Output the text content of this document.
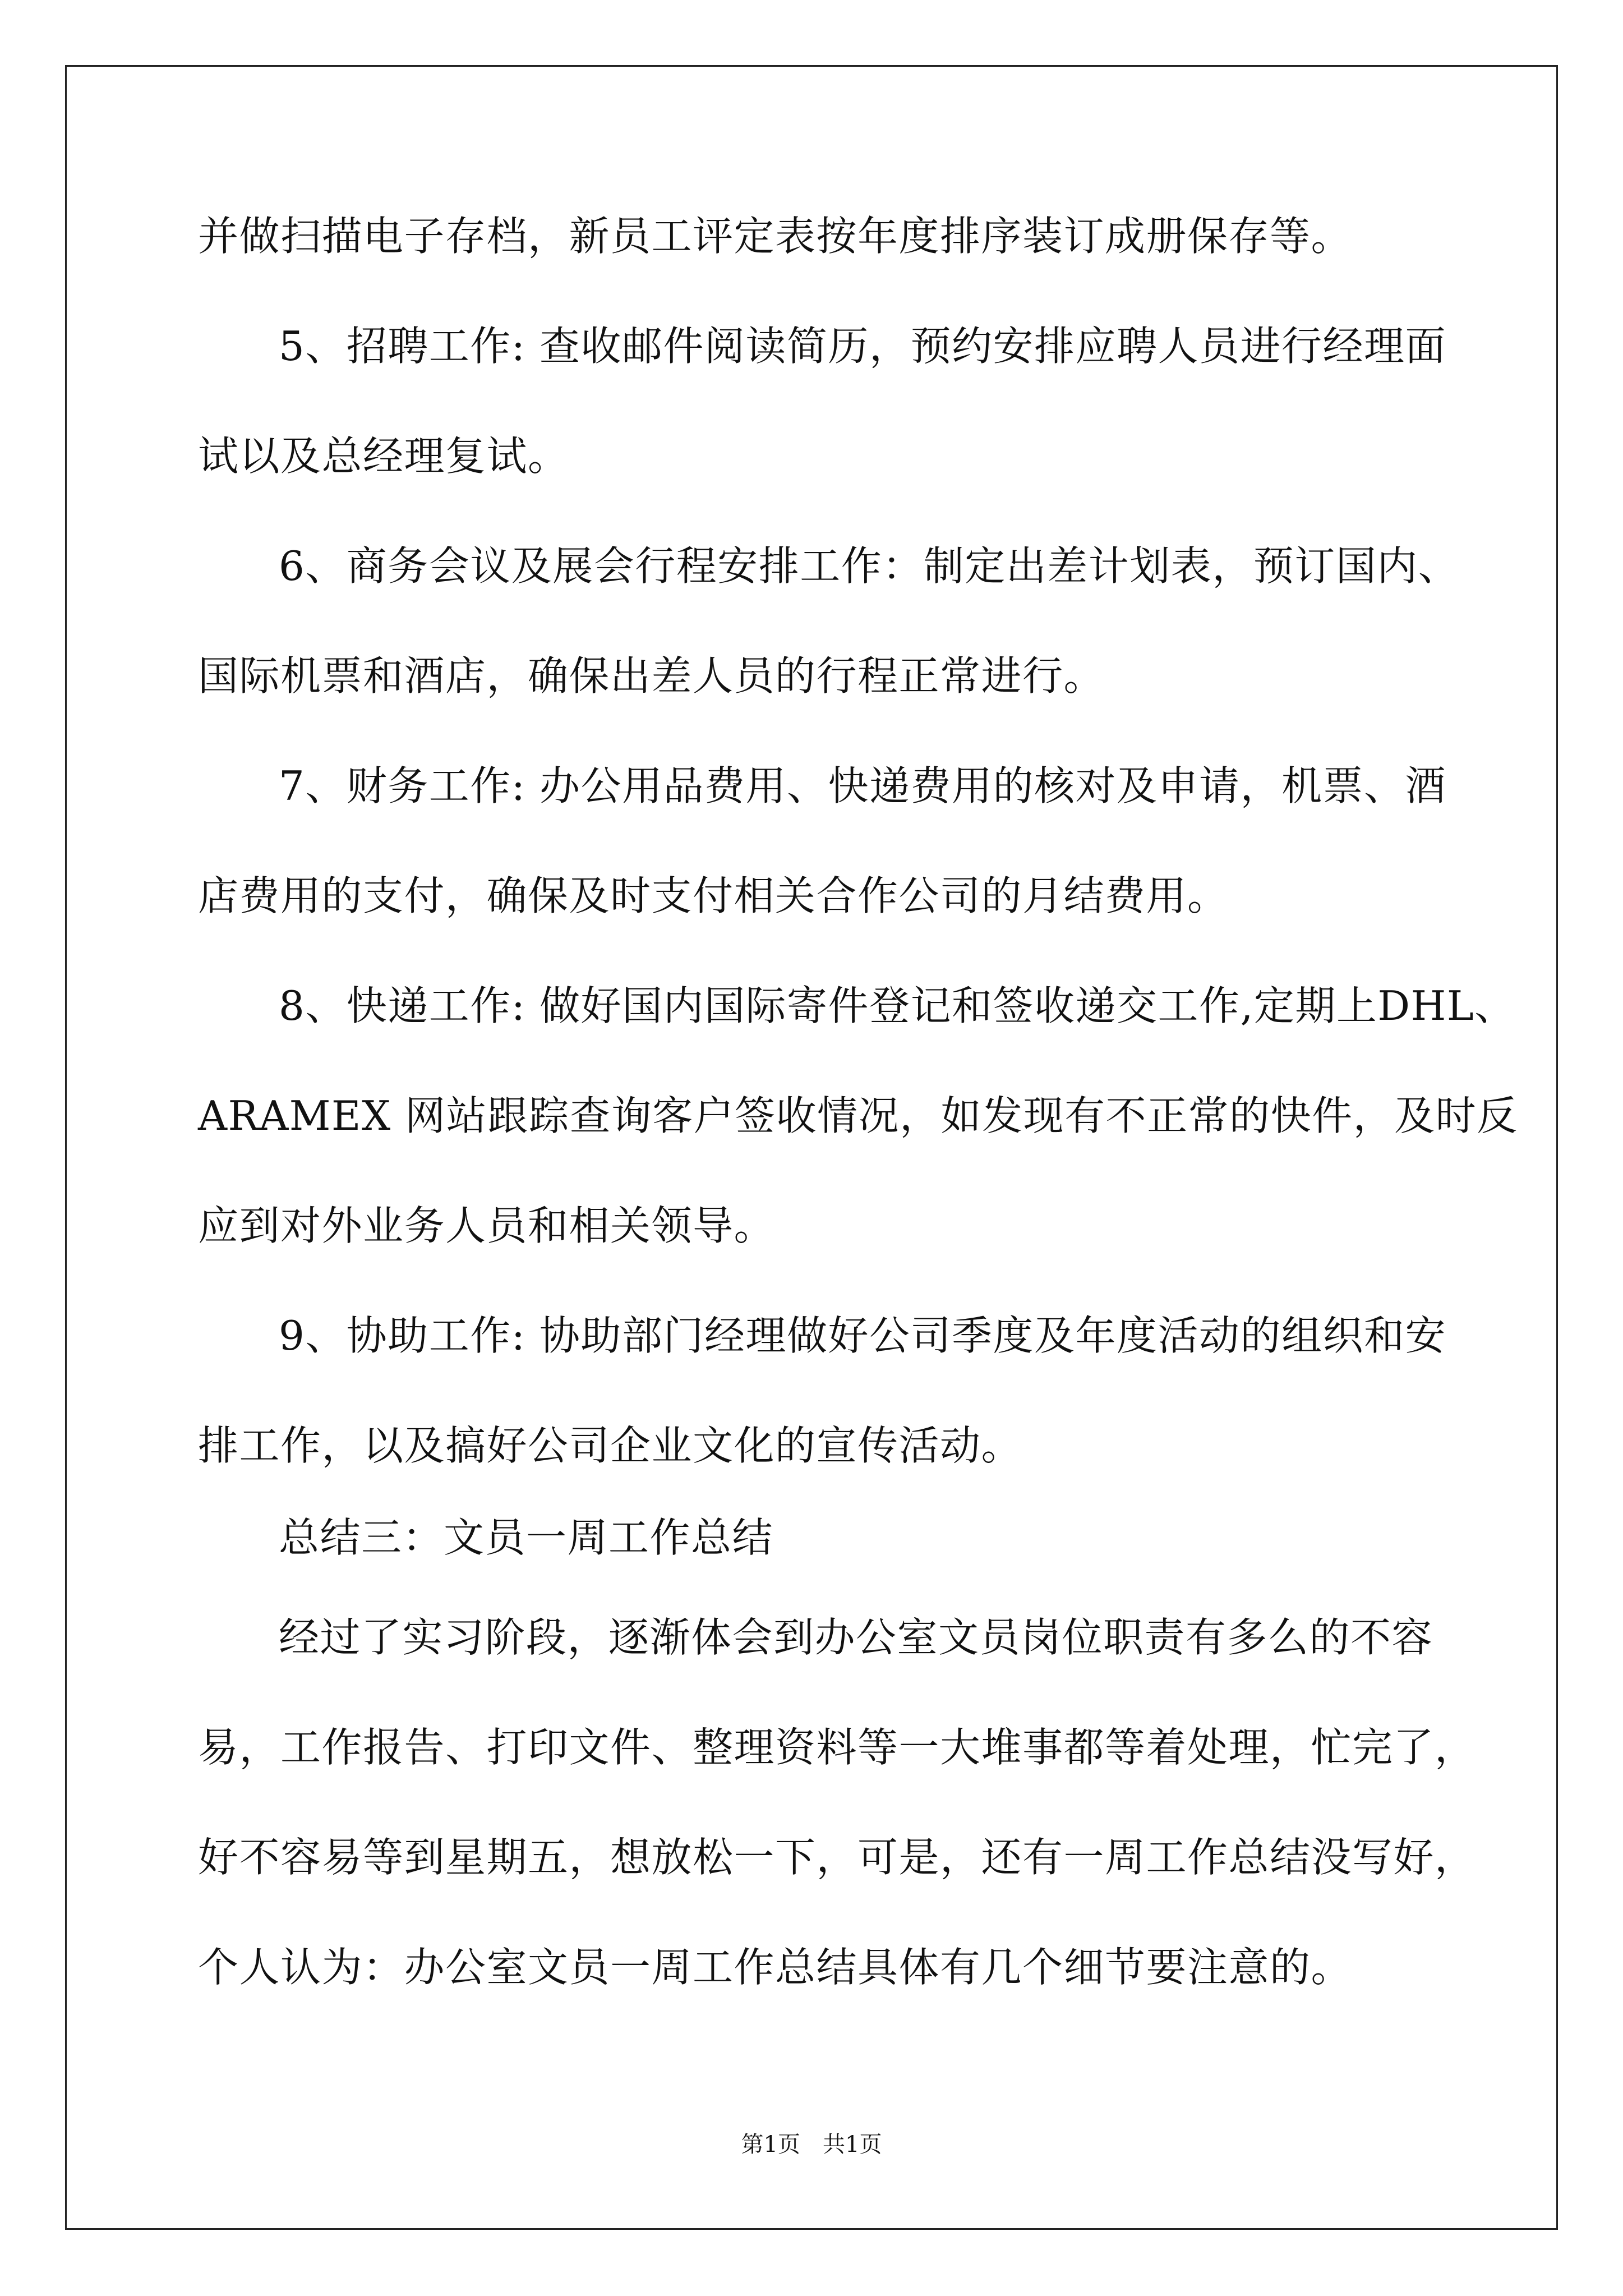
并做扫描电子存档，新员工评定表按年度排序装订成册保存等。
5、招聘工作: 查收邮件阅读简历，预约安排应聘人员进行经理面
试以及总经理复试。
6、商务会议及展会行程安排工作：制定出差计划表，预订国内、
国际机票和酒店，确保出差人员的行程正常进行。
7、财务工作: 办公用品费用、快递费用的核对及申请，机票、酒
店费用的支付，确保及时支付相关合作公司的月结费用。
8、快递工作: 做好国内国际寄件登记和签收递交工作,定期上DHL、
ARAMEX 网站跟踪查询客户签收情况，如发现有不正常的快件，及时反
应到对外业务人员和相关领导。
9、协助工作: 协助部门经理做好公司季度及年度活动的组织和安
排工作，以及搞好公司企业文化的宣传活动。
总结三：文员一周工作总结
经过了实习阶段，逐渐体会到办公室文员岗位职责有多么的不容
易，工作报告、打印文件、整理资料等一大堆事都等着处理，忙完了，
好不容易等到星期五，想放松一下，可是，还有一周工作总结没写好，
个人认为：办公室文员一周工作总结具体有几个细节要注意的。
第1页 共1页
